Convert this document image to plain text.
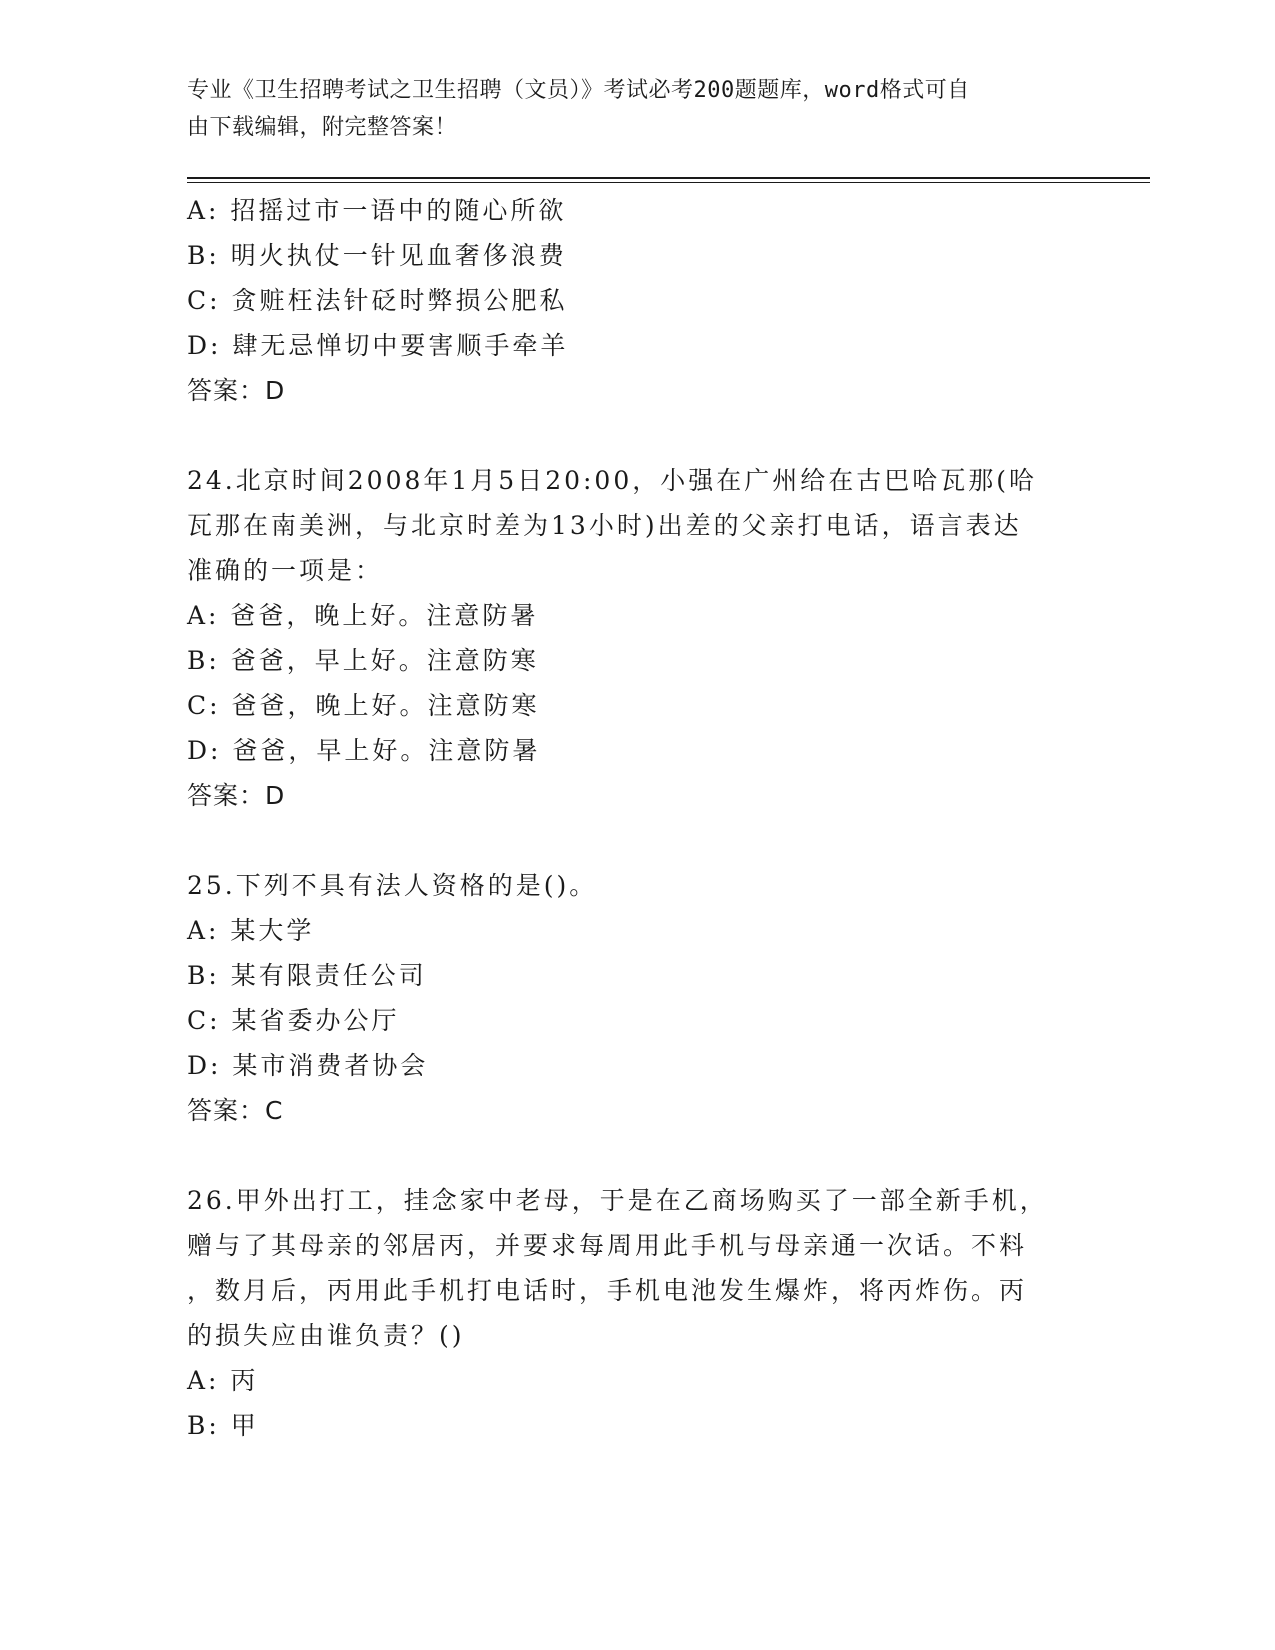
专业《卫生招聘考试之卫生招聘（文员）》考试必考200题题库，word格式可自
由下载编辑，附完整答案！
A: 招摇过市一语中的随心所欲
B: 明火执仗一针见血奢侈浪费
C: 贪赃枉法针砭时弊损公肥私
D: 肆无忌惮切中要害顺手牵羊
答案：D
24.北京时间2008年1月5日20:00，小强在广州给在古巴哈瓦那(哈
瓦那在南美洲，与北京时差为13小时)出差的父亲打电话，语言表达
准确的一项是：
A: 爸爸，晚上好。注意防暑
B: 爸爸，早上好。注意防寒
C: 爸爸，晚上好。注意防寒
D: 爸爸，早上好。注意防暑
答案：D
25.下列不具有法人资格的是()。
A: 某大学
B: 某有限责任公司
C: 某省委办公厅
D: 某市消费者协会
答案：C
26.甲外出打工，挂念家中老母，于是在乙商场购买了一部全新手机，
赠与了其母亲的邻居丙，并要求每周用此手机与母亲通一次话。不料
，数月后，丙用此手机打电话时，手机电池发生爆炸，将丙炸伤。丙
的损失应由谁负责？()
A: 丙
B: 甲
